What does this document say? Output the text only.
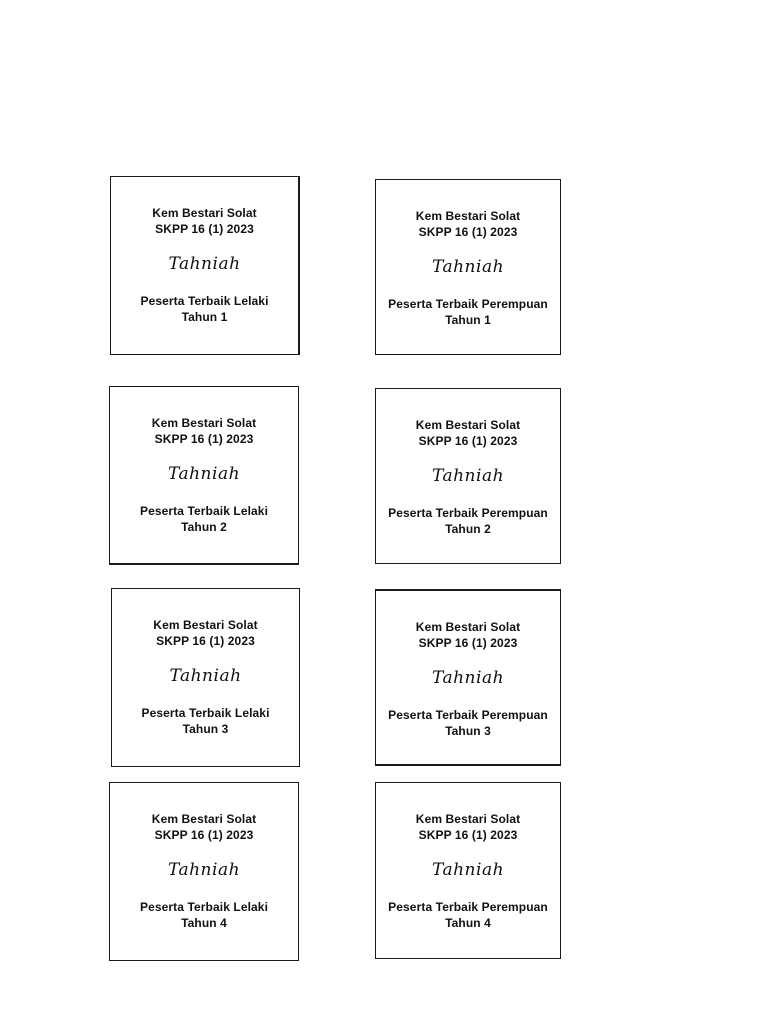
Kem Bestari Solat
SKPP 16 (1) 2023
Tahniah
Peserta Terbaik Lelaki
Tahun 1
Kem Bestari Solat
SKPP 16 (1) 2023
Tahniah
Peserta Terbaik Perempuan
Tahun 1
Kem Bestari Solat
SKPP 16 (1) 2023
Tahniah
Peserta Terbaik Lelaki
Tahun 2
Kem Bestari Solat
SKPP 16 (1) 2023
Tahniah
Peserta Terbaik Perempuan
Tahun 2
Kem Bestari Solat
SKPP 16 (1) 2023
Tahniah
Peserta Terbaik Lelaki
Tahun 3
Kem Bestari Solat
SKPP 16 (1) 2023
Tahniah
Peserta Terbaik Perempuan
Tahun 3
Kem Bestari Solat
SKPP 16 (1) 2023
Tahniah
Peserta Terbaik Lelaki
Tahun 4
Kem Bestari Solat
SKPP 16 (1) 2023
Tahniah
Peserta Terbaik Perempuan
Tahun 4
